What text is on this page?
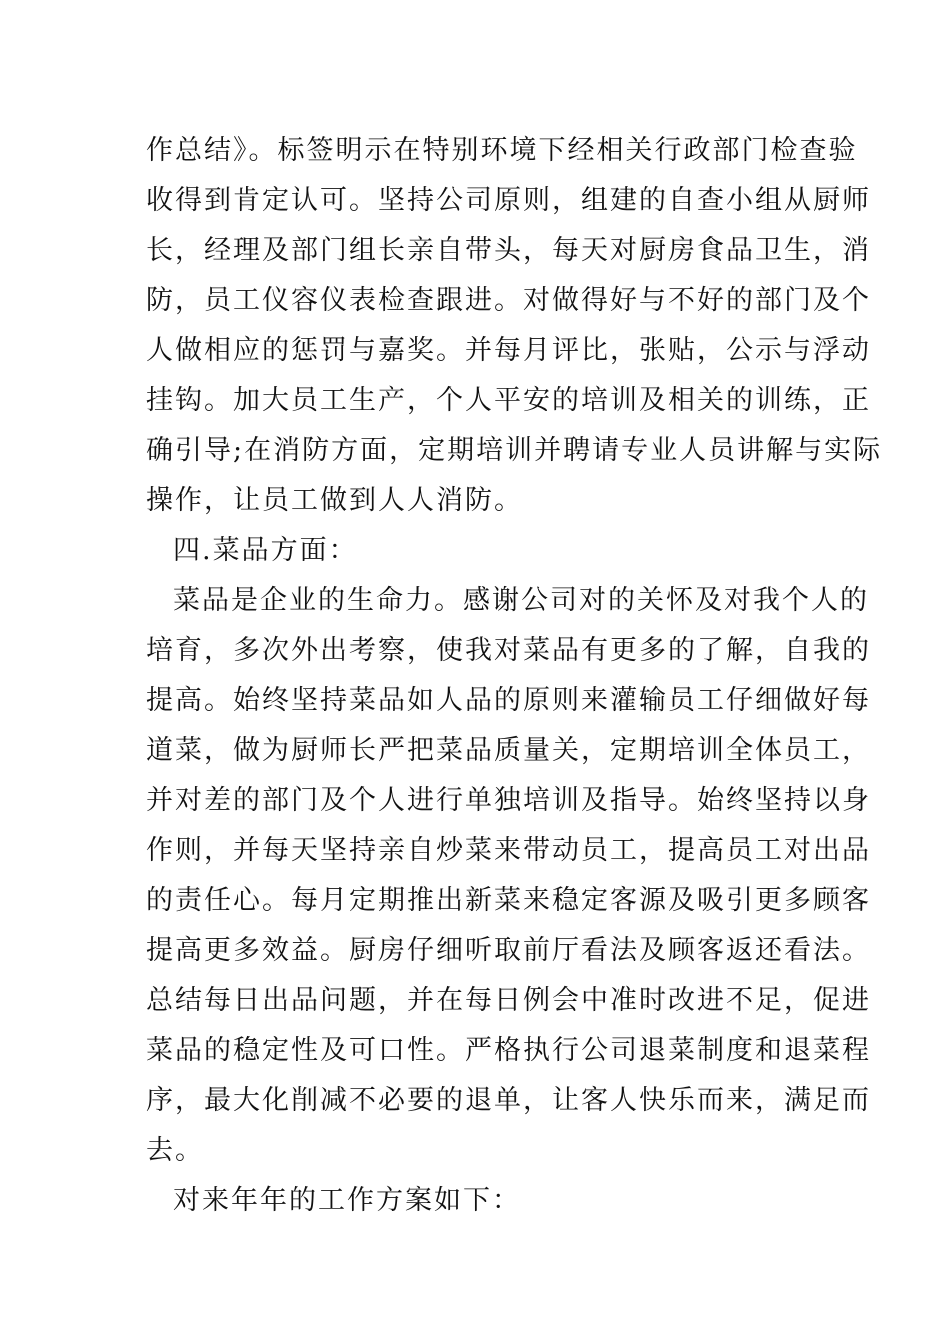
作总结》。标签明示在特别环境下经相关行政部门检查验
收得到肯定认可。坚持公司原则，组建的自查小组从厨师
长，经理及部门组长亲自带头，每天对厨房食品卫生，消
防，员工仪容仪表检查跟进。对做得好与不好的部门及个
人做相应的惩罚与嘉奖。并每月评比，张贴，公示与浮动
挂钩。加大员工生产，个人平安的培训及相关的训练，正
确引导;在消防方面，定期培训并聘请专业人员讲解与实际
操作，让员工做到人人消防。
四.菜品方面：
菜品是企业的生命力。感谢公司对的关怀及对我个人的
培育，多次外出考察，使我对菜品有更多的了解，自我的
提高。始终坚持菜品如人品的原则来灌输员工仔细做好每
道菜，做为厨师长严把菜品质量关，定期培训全体员工，
并对差的部门及个人进行单独培训及指导。始终坚持以身
作则，并每天坚持亲自炒菜来带动员工，提高员工对出品
的责任心。每月定期推出新菜来稳定客源及吸引更多顾客
提高更多效益。厨房仔细听取前厅看法及顾客返还看法。
总结每日出品问题，并在每日例会中准时改进不足，促进
菜品的稳定性及可口性。严格执行公司退菜制度和退菜程
序，最大化削减不必要的退单，让客人快乐而来，满足而
去。
对来年年的工作方案如下：
